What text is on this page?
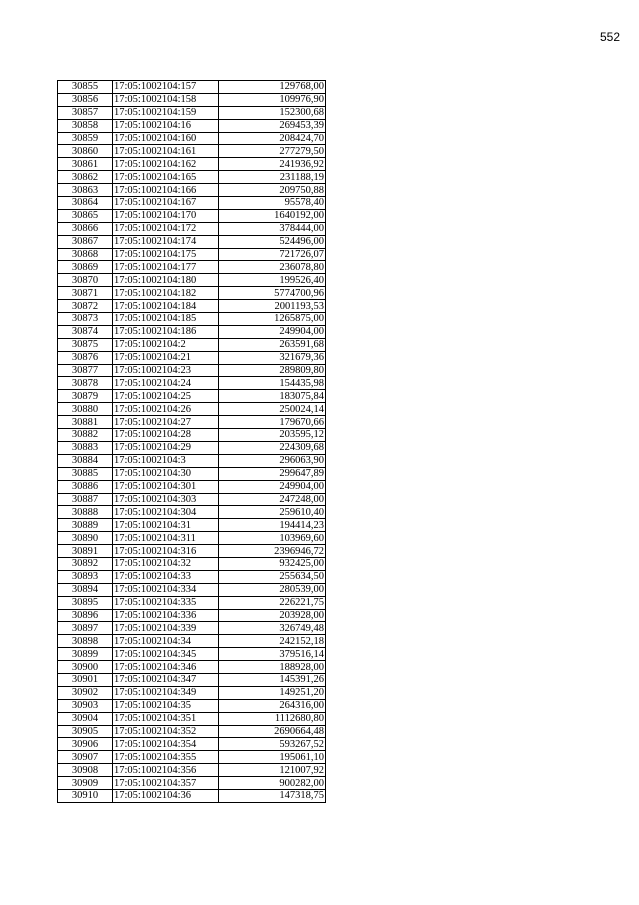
552
30855	17:05:1002104:157	129768,00
30856	17:05:1002104:158	109976,90
30857	17:05:1002104:159	152300,68
30858	17:05:1002104:16	269453,39
30859	17:05:1002104:160	208424,70
30860	17:05:1002104:161	277279,50
30861	17:05:1002104:162	241936,92
30862	17:05:1002104:165	231188,19
30863	17:05:1002104:166	209750,88
30864	17:05:1002104:167	95578,40
30865	17:05:1002104:170	1640192,00
30866	17:05:1002104:172	378444,00
30867	17:05:1002104:174	524496,00
30868	17:05:1002104:175	721726,07
30869	17:05:1002104:177	236078,80
30870	17:05:1002104:180	199526,40
30871	17:05:1002104:182	5774700,96
30872	17:05:1002104:184	2001193,53
30873	17:05:1002104:185	1265875,00
30874	17:05:1002104:186	249904,00
30875	17:05:1002104:2	263591,68
30876	17:05:1002104:21	321679,36
30877	17:05:1002104:23	289809,80
30878	17:05:1002104:24	154435,98
30879	17:05:1002104:25	183075,84
30880	17:05:1002104:26	250024,14
30881	17:05:1002104:27	179670,66
30882	17:05:1002104:28	203595,12
30883	17:05:1002104:29	224309,68
30884	17:05:1002104:3	296063,90
30885	17:05:1002104:30	299647,89
30886	17:05:1002104:301	249904,00
30887	17:05:1002104:303	247248,00
30888	17:05:1002104:304	259610,40
30889	17:05:1002104:31	194414,23
30890	17:05:1002104:311	103969,60
30891	17:05:1002104:316	2396946,72
30892	17:05:1002104:32	932425,00
30893	17:05:1002104:33	255634,50
30894	17:05:1002104:334	280539,00
30895	17:05:1002104:335	226221,75
30896	17:05:1002104:336	203928,00
30897	17:05:1002104:339	326749,48
30898	17:05:1002104:34	242152,18
30899	17:05:1002104:345	379516,14
30900	17:05:1002104:346	188928,00
30901	17:05:1002104:347	145391,26
30902	17:05:1002104:349	149251,20
30903	17:05:1002104:35	264316,00
30904	17:05:1002104:351	1112680,80
30905	17:05:1002104:352	2690664,48
30906	17:05:1002104:354	593267,52
30907	17:05:1002104:355	195061,10
30908	17:05:1002104:356	121007,92
30909	17:05:1002104:357	900282,00
30910	17:05:1002104:36	147318,75
